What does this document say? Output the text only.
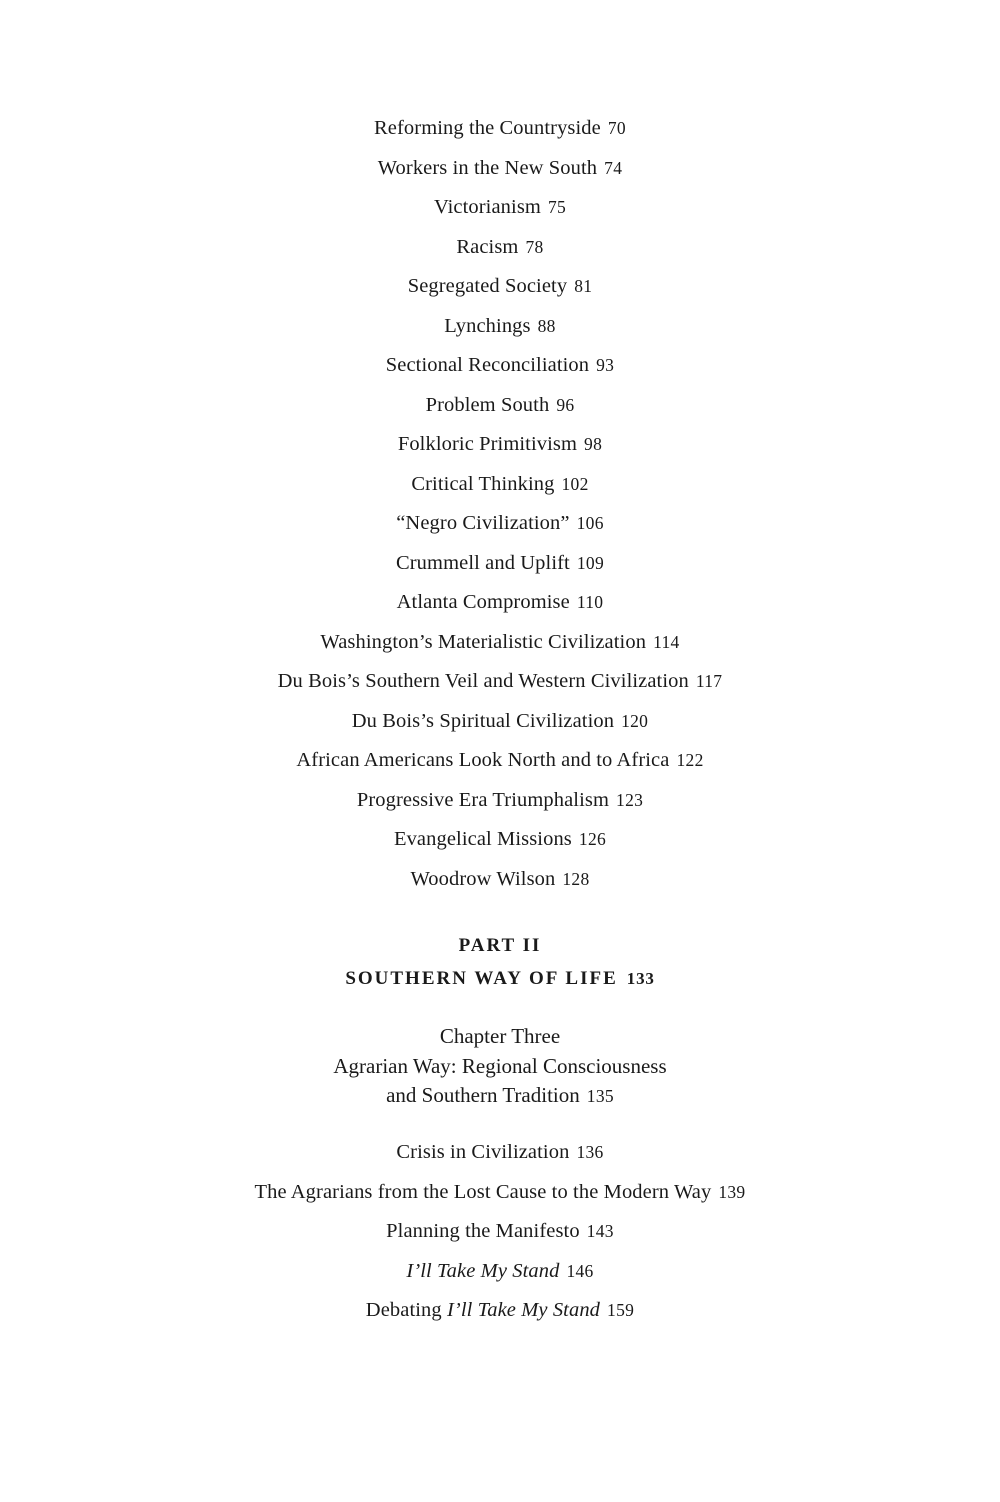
Reforming the Countryside 70
Workers in the New South 74
Victorianism 75
Racism 78
Segregated Society 81
Lynchings 88
Sectional Reconciliation 93
Problem South 96
Folkloric Primitivism 98
Critical Thinking 102
“Negro Civilization” 106
Crummell and Uplift 109
Atlanta Compromise 110
Washington’s Materialistic Civilization 114
Du Bois’s Southern Veil and Western Civilization 117
Du Bois’s Spiritual Civilization 120
African Americans Look North and to Africa 122
Progressive Era Triumphalism 123
Evangelical Missions 126
Woodrow Wilson 128
PART II
SOUTHERN WAY OF LIFE 133
Chapter Three
Agrarian Way: Regional Consciousness
and Southern Tradition 135
Crisis in Civilization 136
The Agrarians from the Lost Cause to the Modern Way 139
Planning the Manifesto 143
I’ll Take My Stand 146
Debating I’ll Take My Stand 159
